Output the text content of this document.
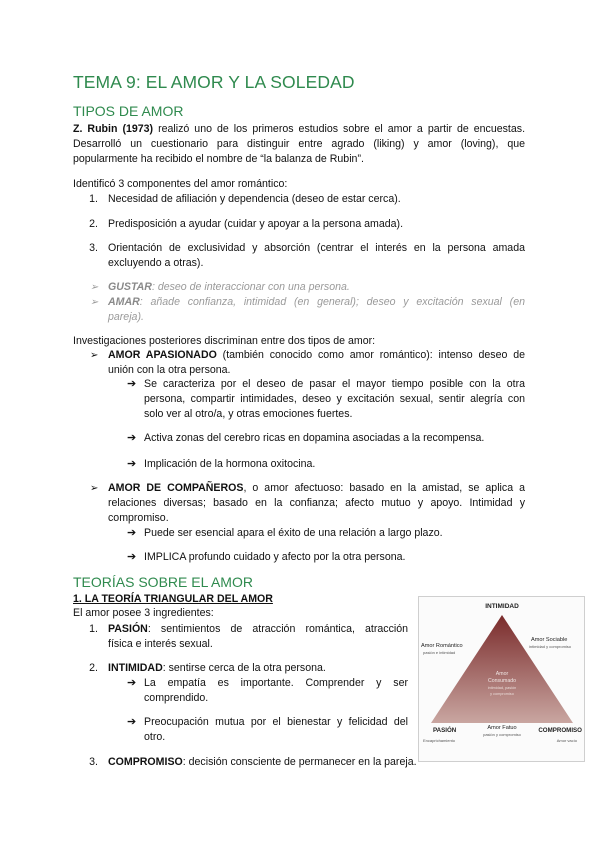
TEMA 9: EL AMOR Y LA SOLEDAD
TIPOS DE AMOR
Z. Rubin (1973) realizó uno de los primeros estudios sobre el amor a partir de encuestas.
Desarrolló un cuestionario para distinguir entre agrado (liking) y amor (loving), que
popularmente ha recibido el nombre de “la balanza de Rubin”.
Identificó 3 componentes del amor romántico:
1. Necesidad de afiliación y dependencia (deseo de estar cerca).
2. Predisposición a ayudar (cuidar y apoyar a la persona amada).
3. Orientación de exclusividad y absorción (centrar el interés en la persona amada
excluyendo a otras).
➢ GUSTAR: deseo de interaccionar con una persona.
➢ AMAR: añade confianza, intimidad (en general); deseo y excitación sexual (en
pareja).
Investigaciones posteriores discriminan entre dos tipos de amor:
➢ AMOR APASIONADO (también conocido como amor romántico): intenso deseo de
unión con la otra persona.
➔ Se caracteriza por el deseo de pasar el mayor tiempo posible con la otra
persona, compartir intimidades, deseo y excitación sexual, sentir alegría con
solo ver al otro/a, y otras emociones fuertes.
➔ Activa zonas del cerebro ricas en dopamina asociadas a la recompensa.
➔ Implicación de la hormona oxitocina.
➢ AMOR DE COMPAÑEROS, o amor afectuoso: basado en la amistad, se aplica a
relaciones diversas; basado en la confianza; afecto mutuo y apoyo. Intimidad y
compromiso.
➔ Puede ser esencial apara el éxito de una relación a largo plazo.
➔ IMPLICA profundo cuidado y afecto por la otra persona.
TEORÍAS SOBRE EL AMOR
1. LA TEORÍA TRIANGULAR DEL AMOR
El amor posee 3 ingredientes:
1. PASIÓN: sentimientos de atracción romántica, atracción
física e interés sexual.
2. INTIMIDAD: sentirse cerca de la otra persona.
➔ La empatía es importante. Comprender y ser
comprendido.
➔ Preocupación mutua por el bienestar y felicidad del
otro.
3. COMPROMISO: decisión consciente de permanecer en la pareja.
INTIMIDAD
Amor Romántico
pasión e intimidad
Amor Sociable
intimidad y compromiso
Amor
Consumado
intimidad, pasión
y compromiso
PASIÓN
Encaprichamiento
Amor Fatuo
pasión y compromiso
COMPROMISO
Amor vacío
